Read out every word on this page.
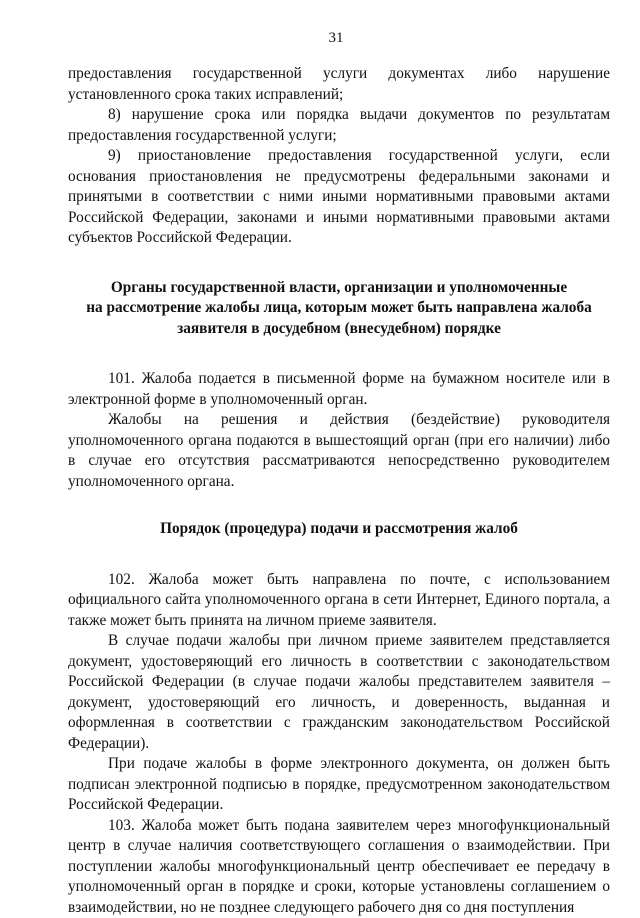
31

предоставления государственной услуги документах либо нарушение установленного срока таких исправлений;

8) нарушение срока или порядка выдачи документов по результатам предоставления государственной услуги;

9) приостановление предоставления государственной услуги, если основания приостановления не предусмотрены федеральными законами и принятыми в соответствии с ними иными нормативными правовыми актами Российской Федерации, законами и иными нормативными правовыми актами субъектов Российской Федерации.

Органы государственной власти, организации и уполномоченные
на рассмотрение жалобы лица, которым может быть направлена жалоба
заявителя в досудебном (внесудебном) порядке

101. Жалоба подается в письменной форме на бумажном носителе или в электронной форме в уполномоченный орган.

Жалобы на решения и действия (бездействие) руководителя уполномоченного органа подаются в вышестоящий орган (при его наличии) либо в случае его отсутствия рассматриваются непосредственно руководителем уполномоченного органа.

Порядок (процедура) подачи и рассмотрения жалоб

102. Жалоба может быть направлена по почте, с использованием официального сайта уполномоченного органа в сети Интернет, Единого портала, а также может быть принята на личном приеме заявителя.

В случае подачи жалобы при личном приеме заявителем представляется документ, удостоверяющий его личность в соответствии с законодательством Российской Федерации (в случае подачи жалобы представителем заявителя – документ, удостоверяющий его личность, и доверенность, выданная и оформленная в соответствии с гражданским законодательством Российской Федерации).

При подаче жалобы в форме электронного документа, он должен быть подписан электронной подписью в порядке, предусмотренном законодательством Российской Федерации.

103. Жалоба может быть подана заявителем через многофункциональный центр в случае наличия соответствующего соглашения о взаимодействии. При поступлении жалобы многофункциональный центр обеспечивает ее передачу в уполномоченный орган в порядке и сроки, которые установлены соглашением о взаимодействии, но не позднее следующего рабочего дня со дня поступления
